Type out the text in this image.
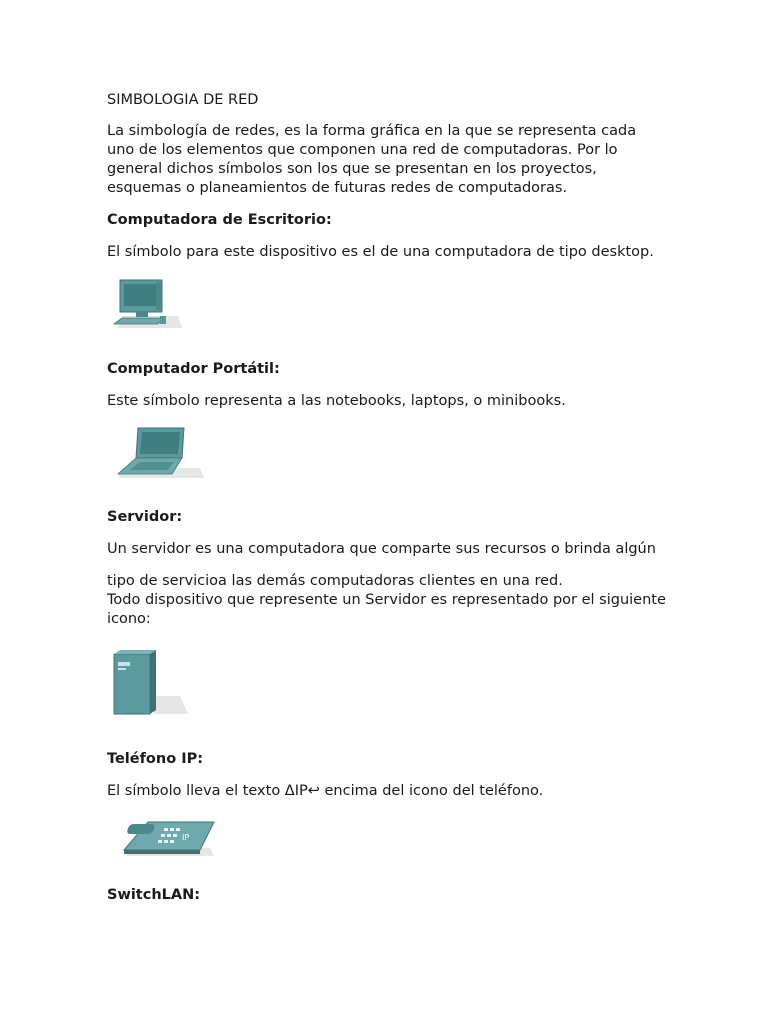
SIMBOLOGIA DE RED
La simbología de redes, es la forma gráfica en la que se representa cada uno de los elementos que componen una red de computadoras. Por lo general dichos símbolos son los que se presentan en los proyectos, esquemas o planeamientos de futuras redes de computadoras.
Computadora de Escritorio:
El símbolo para este dispositivo es el de una computadora de tipo desktop.
Computador Portátil:
Este símbolo representa a las notebooks, laptops, o minibooks.
Servidor:
Un servidor es una computadora que comparte sus recursos o brinda algún
tipo de servicioa las demás computadoras clientes en una red.
Todo dispositivo que represente un Servidor es representado por el siguiente icono:
Teléfono IP:
El símbolo lleva el texto ΔIP↩ encima del icono del teléfono.
IP
SwitchLAN:
